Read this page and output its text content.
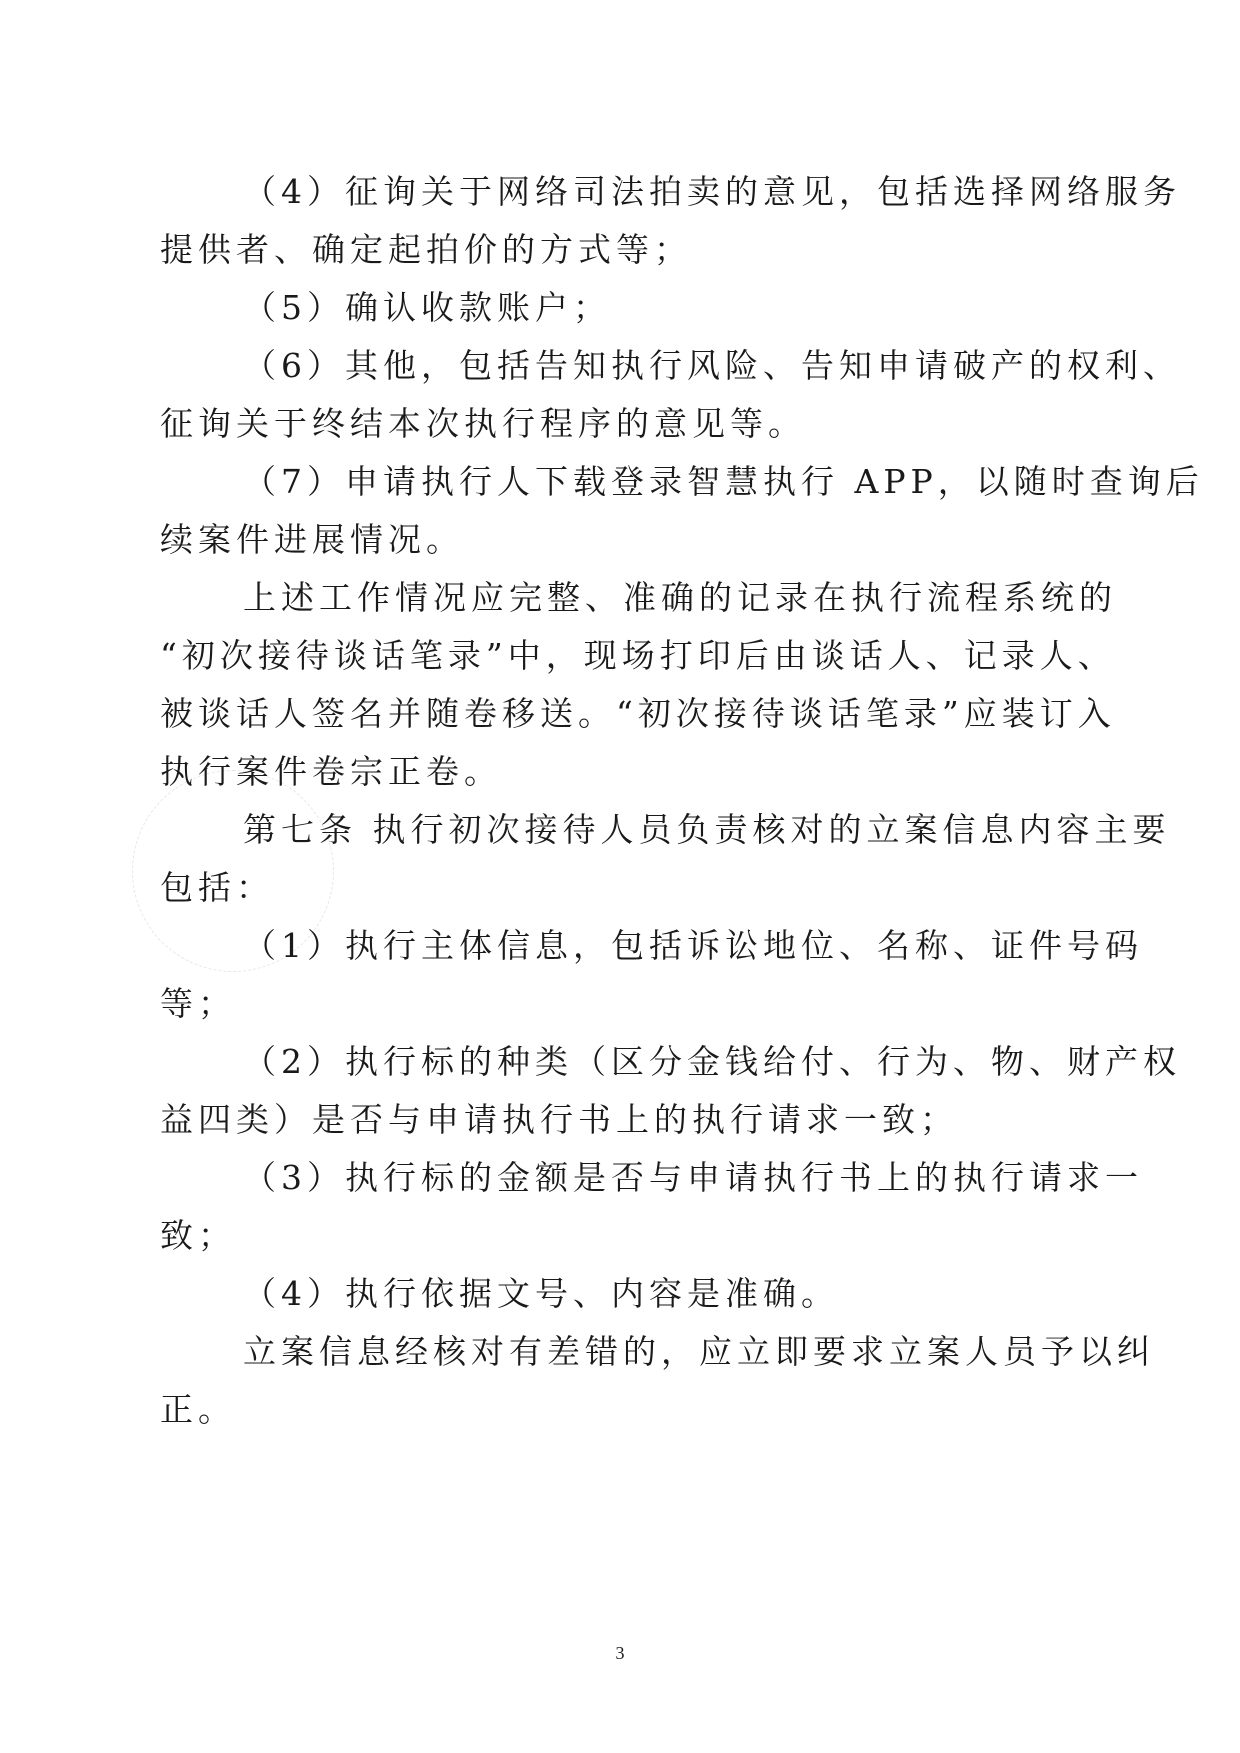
（4）征询关于网络司法拍卖的意见，包括选择网络服务
提供者、确定起拍价的方式等；
（5）确认收款账户；
（6）其他，包括告知执行风险、告知申请破产的权利、
征询关于终结本次执行程序的意见等。
（7）申请执行人下载登录智慧执行 APP，以随时查询后
续案件进展情况。
上述工作情况应完整、准确的记录在执行流程系统的
“初次接待谈话笔录”中，现场打印后由谈话人、记录人、
被谈话人签名并随卷移送。“初次接待谈话笔录”应装订入
执行案件卷宗正卷。
第七条 执行初次接待人员负责核对的立案信息内容主要
包括：
（1）执行主体信息，包括诉讼地位、名称、证件号码
等；
（2）执行标的种类（区分金钱给付、行为、物、财产权
益四类）是否与申请执行书上的执行请求一致；
（3）执行标的金额是否与申请执行书上的执行请求一
致；
（4）执行依据文号、内容是准确。
立案信息经核对有差错的，应立即要求立案人员予以纠
正。
3
